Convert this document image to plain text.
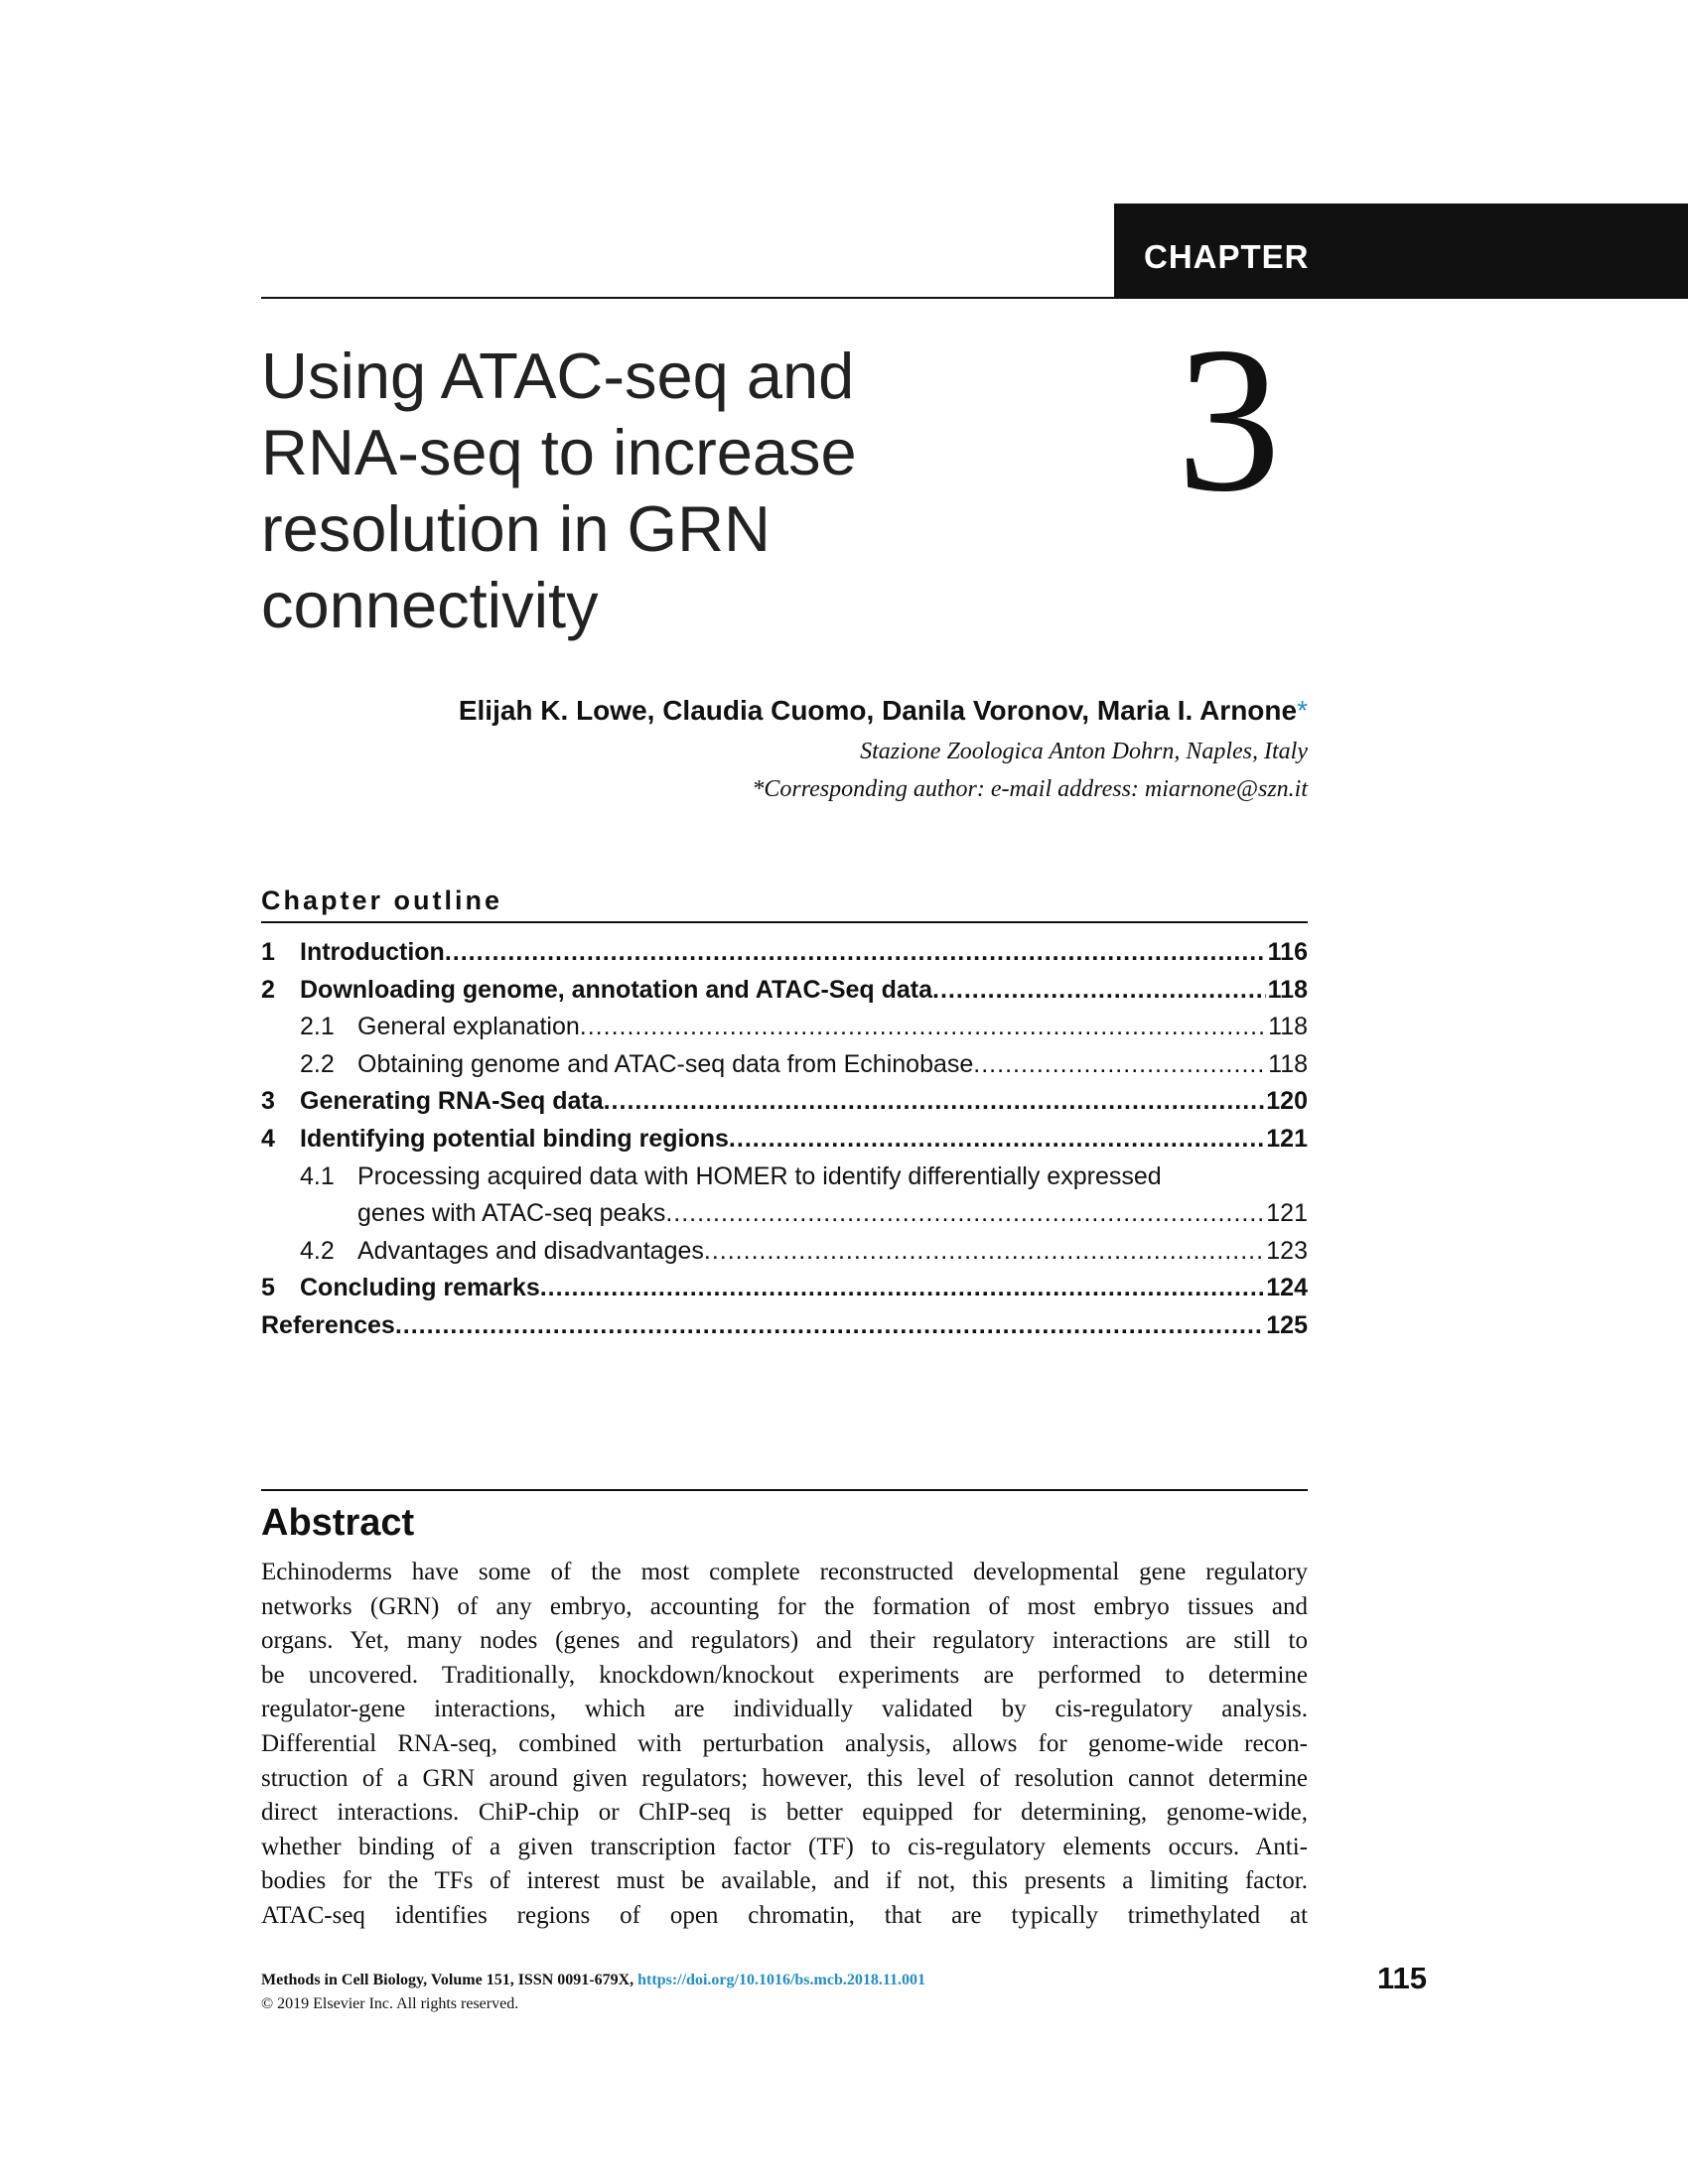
CHAPTER
3
Using ATAC-seq and
RNA-seq to increase
resolution in GRN
connectivity
Elijah K. Lowe, Claudia Cuomo, Danila Voronov, Maria I. Arnone*
Stazione Zoologica Anton Dohrn, Naples, Italy
*Corresponding author: e-mail address: miarnone@szn.it
Chapter outline
1	Introduction .....	116
2	Downloading genome, annotation and ATAC-Seq data .....	118
2.1 General explanation .....	118
2.2 Obtaining genome and ATAC-seq data from Echinobase .....	118
3	Generating RNA-Seq data .....	120
4	Identifying potential binding regions .....	121
4.1 Processing acquired data with HOMER to identify differentially expressed
genes with ATAC-seq peaks .....	121
4.2 Advantages and disadvantages .....	123
5	Concluding remarks .....	124
References .....	125
Abstract
Echinoderms have some of the most complete reconstructed developmental gene regulatory
networks (GRN) of any embryo, accounting for the formation of most embryo tissues and
organs. Yet, many nodes (genes and regulators) and their regulatory interactions are still to
be uncovered. Traditionally, knockdown/knockout experiments are performed to determine
regulator-gene interactions, which are individually validated by cis-regulatory analysis.
Differential RNA-seq, combined with perturbation analysis, allows for genome-wide recon-
struction of a GRN around given regulators; however, this level of resolution cannot determine
direct interactions. ChiP-chip or ChIP-seq is better equipped for determining, genome-wide,
whether binding of a given transcription factor (TF) to cis-regulatory elements occurs. Anti-
bodies for the TFs of interest must be available, and if not, this presents a limiting factor.
ATAC-seq identifies regions of open chromatin, that are typically trimethylated at
Methods in Cell Biology, Volume 151, ISSN 0091-679X, https://doi.org/10.1016/bs.mcb.2018.11.001
© 2019 Elsevier Inc. All rights reserved.
115
